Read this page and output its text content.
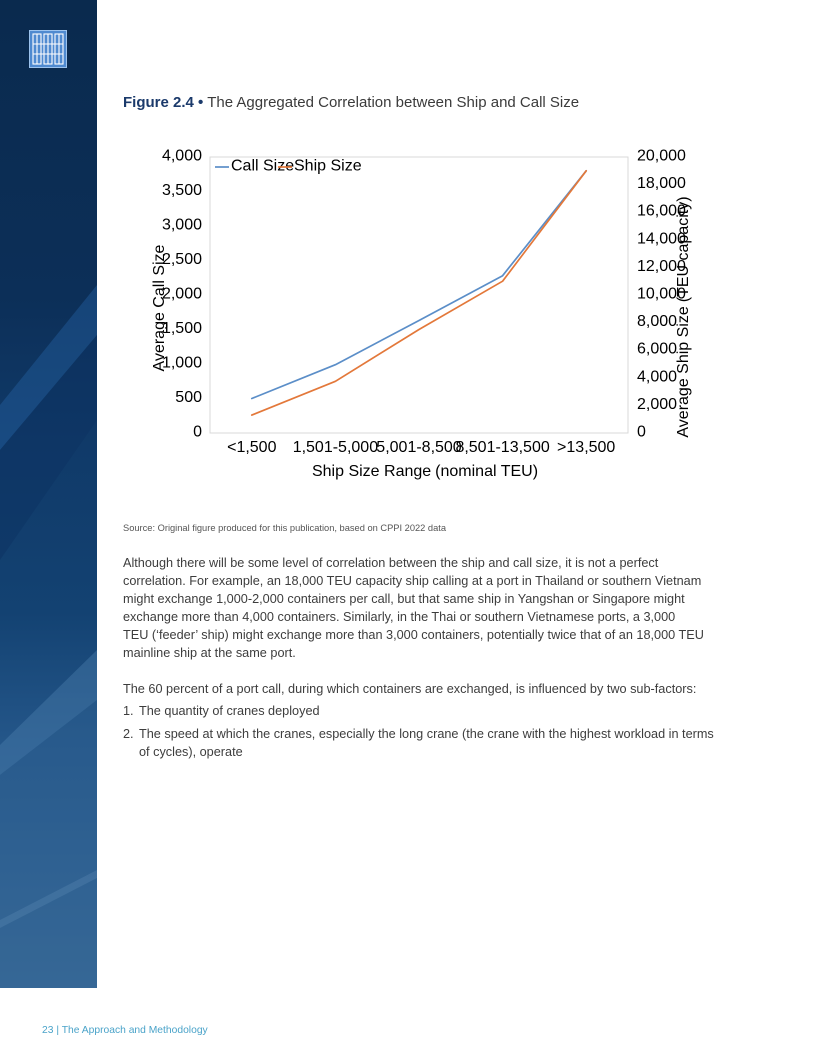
Figure 2.4 • The Aggregated Correlation between Ship and Call Size
Average Call Size	Average Ship Size(TEU capacity)
Ship Size Range (nominal TEU)
0
500
1,000
1,500
2,000
2,500
3,000
3,500
4,000
0
2,000
4,000
6,000
8,000
10,000
12,000
14,000
16,000
18,000
20,000
<1,500 1,501-5,000
5,001-8,500
8,501-13,500 >13,500
Call Size Ship Size
Source: Original figure produced for this publication, based on CPPI 2022 data
Although there will be some level of correlation between the ship and call size, it is not a perfect
correlation. For example, an 18,000 TEU capacity ship calling at a port in Thailand or southern Vietnam
might exchange 1,000-2,000 containers per call, but that same ship in Yangshan or Singapore might
exchange more than 4,000 containers. Similarly, in the Thai or southern Vietnamese ports, a 3,000
TEU (‘feeder’ ship) might exchange more than 3,000 containers, potentially twice that of an 18,000 TEU
mainline ship at the same port.
The 60 percent of a port call, during which containers are exchanged, is influenced by two sub-factors:
1. The quantity of cranes deployed
2. The speed at which the cranes, especially the long crane (the crane with the highest workload in terms
of cycles), operate
23 | The Approach and Methodology
